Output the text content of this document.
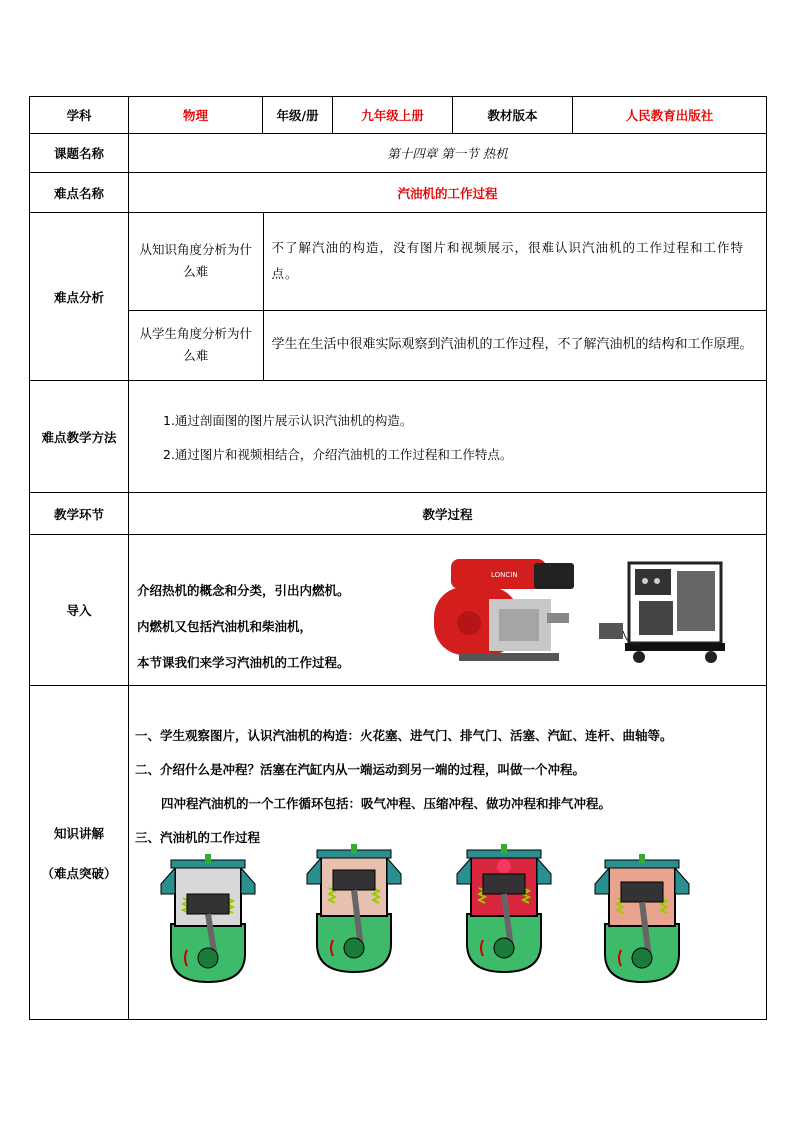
学科	物理	年级/册	九年级上册	教材版本	人民教育出版社
课题名称	第十四章 第一节 热机
难点名称	汽油机的工作过程
难点分析	
从知识角度分析为什么难	不了解汽油的构造，没有图片和视频展示，很难认识汽油机的工作过程和工作特点。
从学生角度分析为什么难	学生在生活中很难实际观察到汽油机的工作过程，不了解汽油机的结构和工作原理。

难点教学方法	
1.通过剖面图的图片展示认识汽油机的构造。
2.通过图片和视频相结合，介绍汽油机的工作过程和工作特点。

教学环节	教学过程
导入	
介绍热机的概念和分类，引出内燃机。
内燃机又包括汽油机和柴油机，
本节课我们来学习汽油机的工作过程。
LONCIN

知识讲解
（难点突破）

一、学生观察图片，认识汽油机的构造：火花塞、进气门、排气门、活塞、汽缸、连杆、曲轴等。

二、介绍什么是冲程？活塞在汽缸内从一端运动到另一端的过程，叫做一个冲程。

四冲程汽油机的一个工作循环包括：吸气冲程、压缩冲程、做功冲程和排气冲程。

三、汽油机的工作过程
